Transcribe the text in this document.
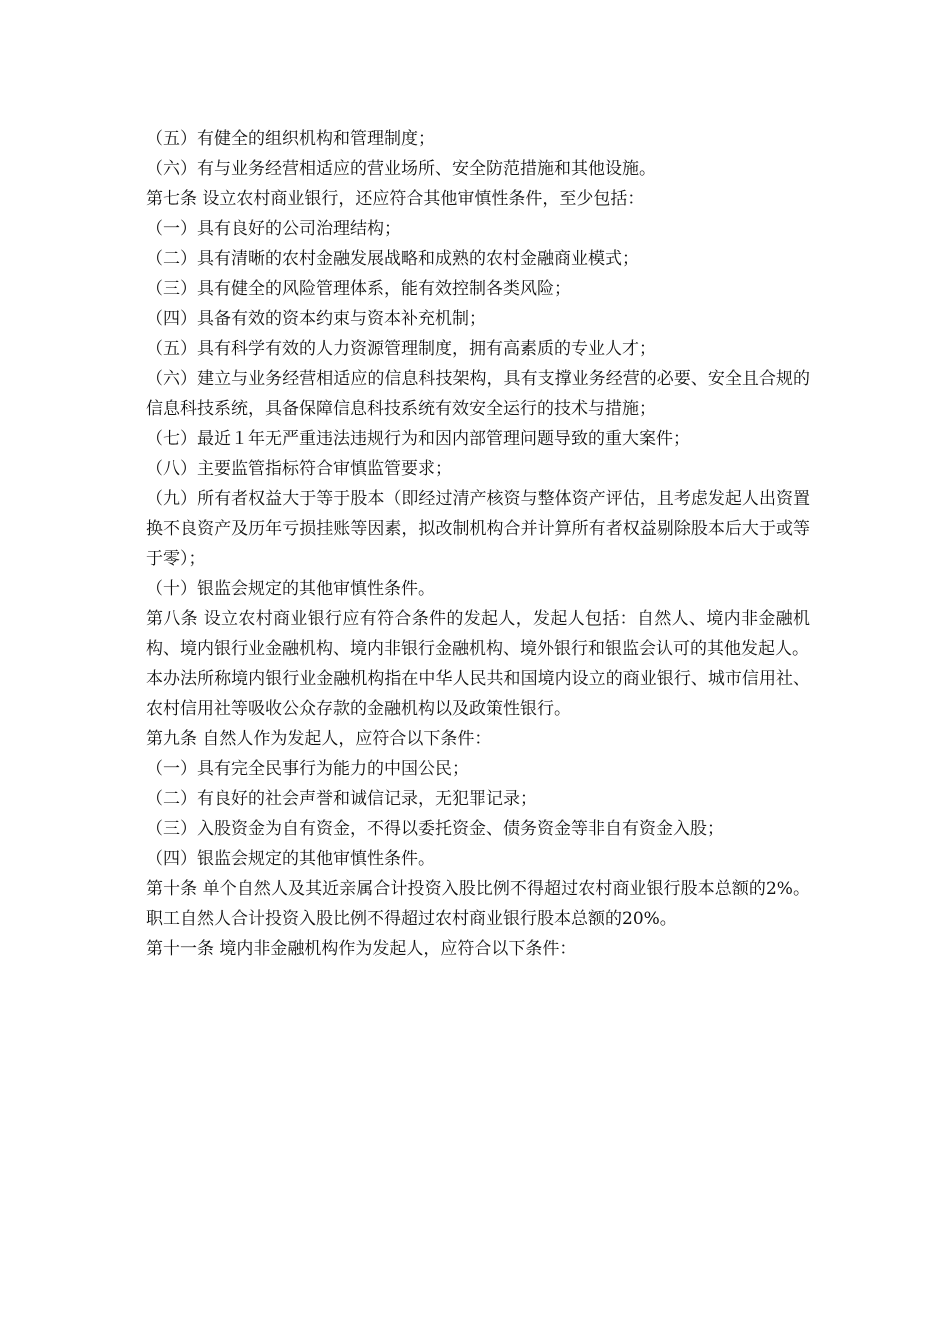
（五）有健全的组织机构和管理制度；

（六）有与业务经营相适应的营业场所、安全防范措施和其他设施。

第七条 设立农村商业银行，还应符合其他审慎性条件，至少包括：

（一）具有良好的公司治理结构；

（二）具有清晰的农村金融发展战略和成熟的农村金融商业模式；

（三）具有健全的风险管理体系，能有效控制各类风险；

（四）具备有效的资本约束与资本补充机制；

（五）具有科学有效的人力资源管理制度，拥有高素质的专业人才；

（六）建立与业务经营相适应的信息科技架构，具有支撑业务经营的必要、安全且合规的信息科技系统，具备保障信息科技系统有效安全运行的技术与措施；

（七）最近１年无严重违法违规行为和因内部管理问题导致的重大案件；

（八）主要监管指标符合审慎监管要求；

（九）所有者权益大于等于股本（即经过清产核资与整体资产评估，且考虑发起人出资置换不良资产及历年亏损挂账等因素，拟改制机构合并计算所有者权益剔除股本后大于或等于零）；

（十）银监会规定的其他审慎性条件。

第八条 设立农村商业银行应有符合条件的发起人，发起人包括：自然人、境内非金融机构、境内银行业金融机构、境内非银行金融机构、境外银行和银监会认可的其他发起人。

本办法所称境内银行业金融机构指在中华人民共和国境内设立的商业银行、城市信用社、农村信用社等吸收公众存款的金融机构以及政策性银行。

第九条 自然人作为发起人，应符合以下条件：

（一）具有完全民事行为能力的中国公民；

（二）有良好的社会声誉和诚信记录，无犯罪记录；

（三）入股资金为自有资金，不得以委托资金、债务资金等非自有资金入股；

（四）银监会规定的其他审慎性条件。

第十条 单个自然人及其近亲属合计投资入股比例不得超过农村商业银行股本总额的2%。职工自然人合计投资入股比例不得超过农村商业银行股本总额的20%。

第十一条 境内非金融机构作为发起人，应符合以下条件：
